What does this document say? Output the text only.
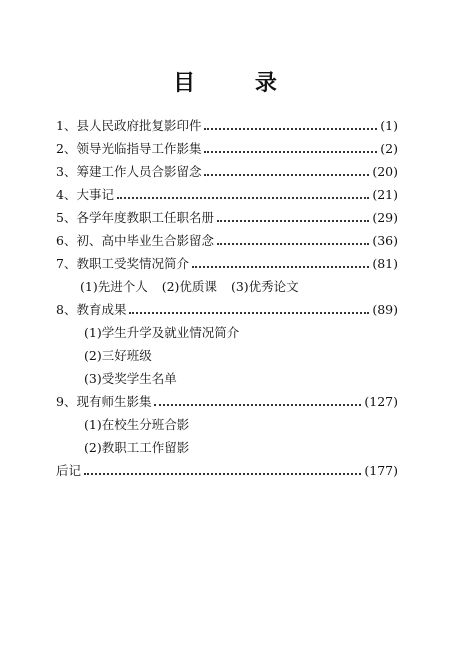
目 录
1、县人民政府批复影印件	(1)
2、领导光临指导工作影集	(2)
3、筹建工作人员合影留念	(20)
4、大事记	(21)
5、各学年度教职工任职名册	(29)
6、初、高中毕业生合影留念	(36)
7、教职工受奖情况简介	(81)
(1)先进个人 (2)优质课 (3)优秀论文
8、教育成果	(89)
(1)学生升学及就业情况简介
(2)三好班级
(3)受奖学生名单
9、现有师生影集	(127)
(1)在校生分班合影
(2)教职工工作留影
后记	(177)
